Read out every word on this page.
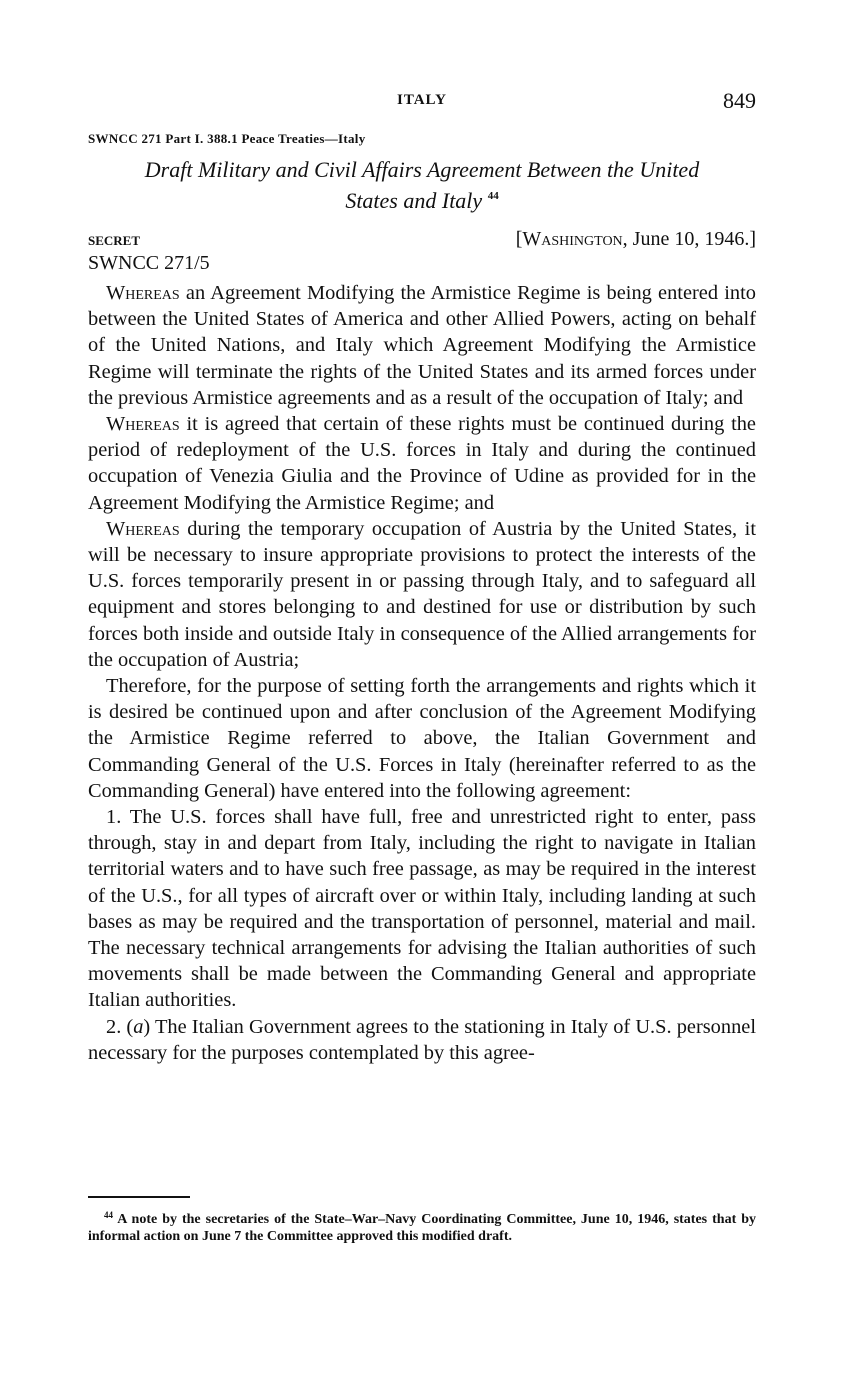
ITALY	849
SWNCC 271 Part I. 388.1 Peace Treaties—Italy
Draft Military and Civil Affairs Agreement Between the United
States and Italy $^{44}$
SECRET	[Washington, June 10, 1946.]
SWNCC 271/5

Whereas an Agreement Modifying the Armistice Regime is being entered into between the United States of America and other Allied Powers, acting on behalf of the United Nations, and Italy which Agreement Modifying the Armistice Regime will terminate the rights of the United States and its armed forces under the previous Armistice agreements and as a result of the occupation of Italy; and

Whereas it is agreed that certain of these rights must be continued during the period of redeployment of the U.S. forces in Italy and during the continued occupation of Venezia Giulia and the Province of Udine as provided for in the Agreement Modifying the Armistice Regime; and

Whereas during the temporary occupation of Austria by the United States, it will be necessary to insure appropriate provisions to protect the interests of the U.S. forces temporarily present in or passing through Italy, and to safeguard all equipment and stores belonging to and destined for use or distribution by such forces both inside and outside Italy in consequence of the Allied arrangements for the occupation of Austria;

Therefore, for the purpose of setting forth the arrangements and rights which it is desired be continued upon and after conclusion of the Agreement Modifying the Armistice Regime referred to above, the Italian Government and Commanding General of the U.S. Forces in Italy (hereinafter referred to as the Commanding General) have entered into the following agreement:

1. The U.S. forces shall have full, free and unrestricted right to enter, pass through, stay in and depart from Italy, including the right to navigate in Italian territorial waters and to have such free passage, as may be required in the interest of the U.S., for all types of aircraft over or within Italy, including landing at such bases as may be required and the transportation of personnel, material and mail. The necessary technical arrangements for advising the Italian authorities of such movements shall be made between the Commanding General and appropriate Italian authorities.

2. (a) The Italian Government agrees to the stationing in Italy of U.S. personnel necessary for the purposes contemplated by this agree-

$^{44}$ A note by the secretaries of the State–War–Navy Coordinating Committee, June 10, 1946, states that by informal action on June 7 the Committee approved this modified draft.
